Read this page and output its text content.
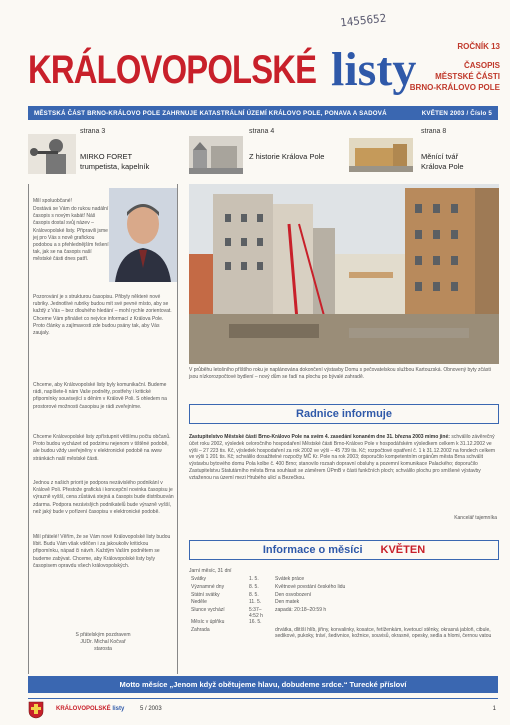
1455652
ROČNÍK 13
KRÁLOVOPOLSKÉ listy	ČASOPIS
MĚSTSKÉ ČÁSTI
BRNO-KRÁLOVO POLE
MĚSTSKÁ ČÁST BRNO-KRÁLOVO POLE ZAHRNUJE KATASTRÁLNÍ ÚZEMÍ KRÁLOVO POLE, PONAVA A SADOVÁ	KVĚTEN 2003 / Číslo 5
strana 3
MIRKO FORET
trumpetista, kapelník
strana 4
Z historie Králova Pole
strana 8
Měnící tvář
Králova Pole
Milí spoluobčané!
Dostává se Vám do rukou nadální časopis s novým kabát! Náš časopis dostal svůj název – Královopolské listy. Připravili jsme jej pro Vás s nově grafickou podobou a s přehlednějším řešení tak, jak se na časopis naší městské části dnes patří.
Pozorování je s strukturou časopisu. Přibyly některé nové rubriky. Jednotlivé rubriky budou mít své pevné místo, aby se každý z Vás – bez dlouhého hledání – mohl rychle zorientovat. Chceme Vám přinášet co nejvíce informací z Králova Pole. Proto články a zajímavosti zde budou psány tak, aby Vás zaujaly.
Chceme, aby Královopolské listy byly komunikační. Budeme rádi, napíšete-li nám Vaše podněty, postřehy i kritické připomínky související s děním v Králově Poli. S ohledem na prostorové možnosti časopisu je rádi zveřejníme.
Chceme Královopolské listy zpřístupnit většímu počtu občanů. Proto budou vycházet od podzimu nejenom v tištěné podobě, ale budou vždy uveřejněny v elektronické podobě na www stránkách naší městské části.
Jednou z našich priorit je podpora nezávislého podnikání v Králově Poli. Přestože grafická i koncepční novinka časopisu je výrazně vyšší, cena zůstává stejná a časopis bude distribuován zdarma. Podpora nezávislých podnikatelů bude výrazně vyšší, než jaký bude v pořízení časopisu v elektronické podobě.
Milí přátelé! Věřím, že se Vám nové Královopolské listy budou líbit. Budu Vám však vděčen i za jakoukoliv kritickou připomínku, nápad či návrh. Každým Vaším podnětem se budeme zabývat. Chceme, aby Královopolské listy byly časopisem opravdu všech královopolských.
S přátelským pozdravem
JUDr. Michal Kočvař
starosta
V průběhu letošního příštího roku je naplánována dokončení výstavby Domu s pečovatelskou službou Kartouzská. Obnovený byty zčásti jsou nízkorozpočtové bydlení – nový dům se řadí na plochu po bývalé zahradě.
Radnice informuje
Zastupitelstvo Městské části Brno-Královo Pole na svém 4. zasedání konaném dne 31. března 2003 mimo jiné: schválilo závěrečný účet roku 2002, výsledek celoročního hospodaření Městské části Brno-Královo Pole v hospodářském výsledkem celkem k 31.12.2002 ve výši – 27 223 tis. Kč, výsledek hospodaření za rok 2002 ve výši – 45 739 tis. Kč; rozpočtové opatření č. 1 k 31.12.2002 na fondech celkem ve výši 1 201 tis. Kč; schválilo dosažitelné rozpočty MČ Kr. Pole na rok 2003; doporučilo kompetentním orgánům města Brna schválit výstavbu bytového domu Pola kolbe č. 400 Brno; stanovilo rozsah dopravní obsluhy a pozemní komunikace Palackého; doporučilo Zastupitelstvu Statutárního města Brna souhlasit se záměrem ÚPmB v části funkčních ploch; schválilo plochu pro smíšené výstavby vztaženou na území mezi Hrubého ulicí a Bezečkou.
Kancelář tajemníka
Informace o měsíci KVĚTEN
Jarní měsíc, 31 dní
Svátky	1. 5.	Svátek práce
Významné dny	8. 5.	Květnové povstání českého lidu
Státní svátky	8. 5.	Den osvobození
Neděle	11. 5.	Den matek
Slunce vychází	5:37–4:52 h	zapadá: 20:18–20:59 h
Měsíc v úplňku	16. 5.	
Zahrada		drvátka, dlitíší hlíb, jiřiny, konvalinky, kosatce, řetíženkám, kvetoucí stěnky, okrasná jabloň, cibule, sedikové, pukoky, tráví, šedivnice, kožnice, souvisů, okrasné, opesky, sedla a hlomi, černou vatou
Motto měsíce „Jenom když obětujeme hlavu, dobudeme srdce.“ Turecké přísloví
KRÁLOVOPOLSKÉ listy	5 / 2003	1
